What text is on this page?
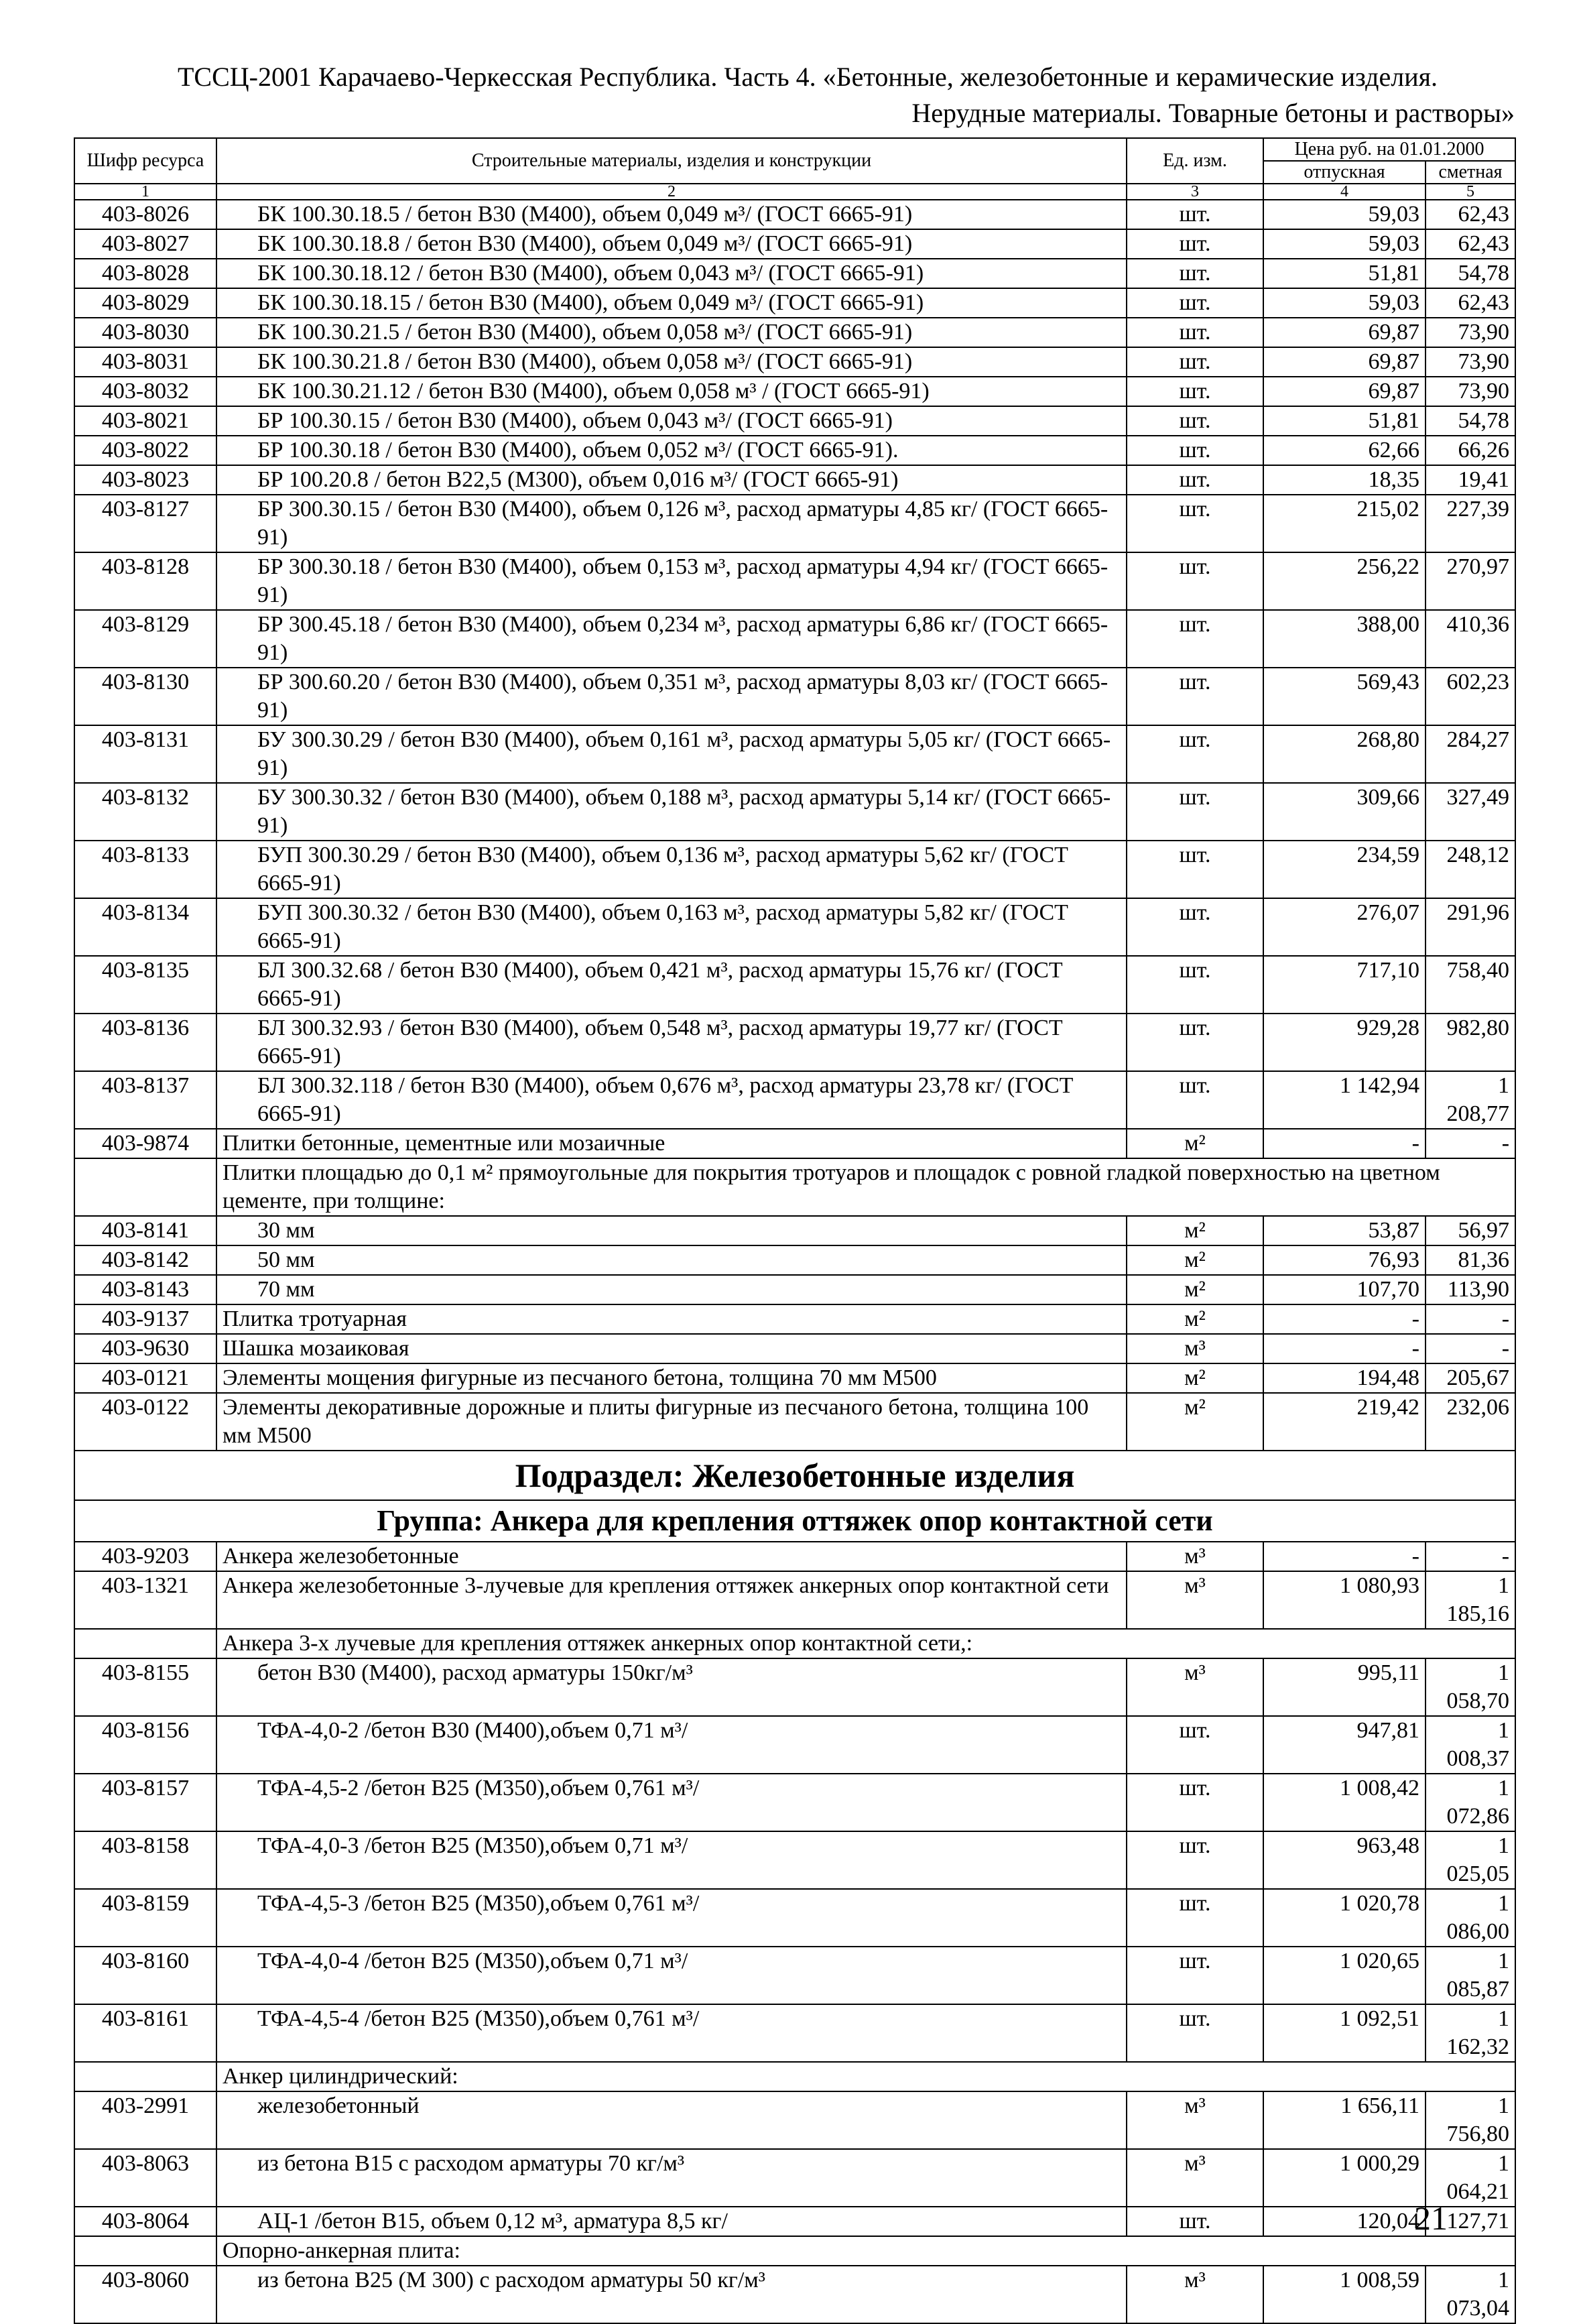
ТССЦ-2001 Карачаево-Черкесская Республика. Часть 4. «Бетонные, железобетонные и керамические изделия.
Нерудные материалы. Товарные бетоны и растворы»
Шифр ресурса	Строительные материалы, изделия и конструкции	Ед. изм.	Цена руб. на 01.01.2000	
			отпускная	сметная
1	2	3	4	5
403-8026	БК 100.30.18.5 / бетон В30 (М400), объем 0,049 м³/ (ГОСТ 6665-91)	шт.	59,03	62,43
403-8027	БК 100.30.18.8 / бетон В30 (М400), объем 0,049 м³/ (ГОСТ 6665-91)	шт.	59,03	62,43
403-8028	БК 100.30.18.12 / бетон В30 (М400), объем 0,043 м³/ (ГОСТ 6665-91)	шт.	51,81	54,78
403-8029	БК 100.30.18.15 / бетон В30 (М400), объем 0,049 м³/ (ГОСТ 6665-91)	шт.	59,03	62,43
403-8030	БК 100.30.21.5 / бетон В30 (М400), объем 0,058 м³/ (ГОСТ 6665-91)	шт.	69,87	73,90
403-8031	БК 100.30.21.8 / бетон В30 (М400), объем 0,058 м³/ (ГОСТ 6665-91)	шт.	69,87	73,90
403-8032	БК 100.30.21.12 / бетон В30 (М400), объем 0,058 м³ / (ГОСТ 6665-91)	шт.	69,87	73,90
403-8021	БР 100.30.15 / бетон В30 (М400), объем 0,043 м³/ (ГОСТ 6665-91)	шт.	51,81	54,78
403-8022	БР 100.30.18 / бетон В30 (М400), объем 0,052 м³/ (ГОСТ 6665-91).	шт.	62,66	66,26
403-8023	БР 100.20.8 / бетон В22,5 (М300), объем 0,016 м³/ (ГОСТ 6665-91)	шт.	18,35	19,41
403-8127	БР 300.30.15 / бетон В30 (М400), объем 0,126 м³, расход арматуры 4,85 кг/ (ГОСТ 6665-91)	шт.	215,02	227,39
403-8128	БР 300.30.18 / бетон В30 (М400), объем 0,153 м³, расход арматуры 4,94 кг/ (ГОСТ 6665-91)	шт.	256,22	270,97
403-8129	БР 300.45.18 / бетон В30 (М400), объем 0,234 м³, расход арматуры 6,86 кг/ (ГОСТ 6665-91)	шт.	388,00	410,36
403-8130	БР 300.60.20 / бетон В30 (М400), объем 0,351 м³, расход арматуры 8,03 кг/ (ГОСТ 6665-91)	шт.	569,43	602,23
403-8131	БУ 300.30.29 / бетон В30 (М400), объем 0,161 м³, расход арматуры 5,05 кг/ (ГОСТ 6665-91)	шт.	268,80	284,27
403-8132	БУ 300.30.32 / бетон В30 (М400), объем 0,188 м³, расход арматуры 5,14 кг/ (ГОСТ 6665-91)	шт.	309,66	327,49
403-8133	БУП 300.30.29 / бетон В30 (М400), объем 0,136 м³, расход арматуры 5,62 кг/ (ГОСТ 6665-91)	шт.	234,59	248,12
403-8134	БУП 300.30.32 / бетон В30 (М400), объем 0,163 м³, расход арматуры 5,82 кг/ (ГОСТ 6665-91)	шт.	276,07	291,96
403-8135	БЛ 300.32.68 / бетон В30 (М400), объем 0,421 м³, расход арматуры 15,76 кг/ (ГОСТ 6665-91)	шт.	717,10	758,40
403-8136	БЛ 300.32.93 / бетон В30 (М400), объем 0,548 м³, расход арматуры 19,77 кг/ (ГОСТ 6665-91)	шт.	929,28	982,80
403-8137	БЛ 300.32.118 / бетон В30 (М400), объем 0,676 м³, расход арматуры 23,78 кг/ (ГОСТ 6665-91)	шт.	1 142,94	1 208,77
403-9874	Плитки бетонные, цементные или мозаичные	м²	-	-
	Плитки площадью до 0,1 м² прямоугольные для покрытия тротуаров и площадок с ровной гладкой поверхностью на цветном цементе, при толщине:			
403-8141	30 мм	м²	53,87	56,97
403-8142	50 мм	м²	76,93	81,36
403-8143	70 мм	м²	107,70	113,90
403-9137	Плитка тротуарная	м²	-	-
403-9630	Шашка мозаиковая	м³	-	-
403-0121	Элементы мощения фигурные из песчаного бетона, толщина 70 мм М500	м²	194,48	205,67
403-0122	Элементы декоративные дорожные и плиты фигурные из песчаного бетона, толщина 100 мм М500	м²	219,42	232,06
Подраздел: Железобетонные изделия				
Группа: Анкера для крепления оттяжек опор контактной сети				
403-9203	Анкера железобетонные	м³	-	-
403-1321	Анкера железобетонные 3-лучевые для крепления оттяжек анкерных опор контактной сети	м³	1 080,93	1 185,16
	Анкера 3-х лучевые для крепления оттяжек анкерных опор контактной сети,:			
403-8155	бетон В30 (М400), расход арматуры 150кг/м³	м³	995,11	1 058,70
403-8156	ТФА-4,0-2 /бетон В30 (М400),объем 0,71 м³/	шт.	947,81	1 008,37
403-8157	ТФА-4,5-2 /бетон В25 (М350),объем 0,761 м³/	шт.	1 008,42	1 072,86
403-8158	ТФА-4,0-3 /бетон В25 (М350),объем 0,71 м³/	шт.	963,48	1 025,05
403-8159	ТФА-4,5-3 /бетон В25 (М350),объем 0,761 м³/	шт.	1 020,78	1 086,00
403-8160	ТФА-4,0-4 /бетон В25 (М350),объем 0,71 м³/	шт.	1 020,65	1 085,87
403-8161	ТФА-4,5-4 /бетон В25 (М350),объем 0,761 м³/	шт.	1 092,51	1 162,32
	Анкер цилиндрический:			
403-2991	железобетонный	м³	1 656,11	1 756,80
403-8063	из бетона В15 с расходом арматуры 70 кг/м³	м³	1 000,29	1 064,21
403-8064	АЦ-1 /бетон В15, объем 0,12 м³, арматура 8,5 кг/	шт.	120,04	127,71
	Опорно-анкерная плита:			
403-8060	из бетона В25 (М 300) с расходом арматуры 50 кг/м³	м³	1 008,59	1 073,04
21
